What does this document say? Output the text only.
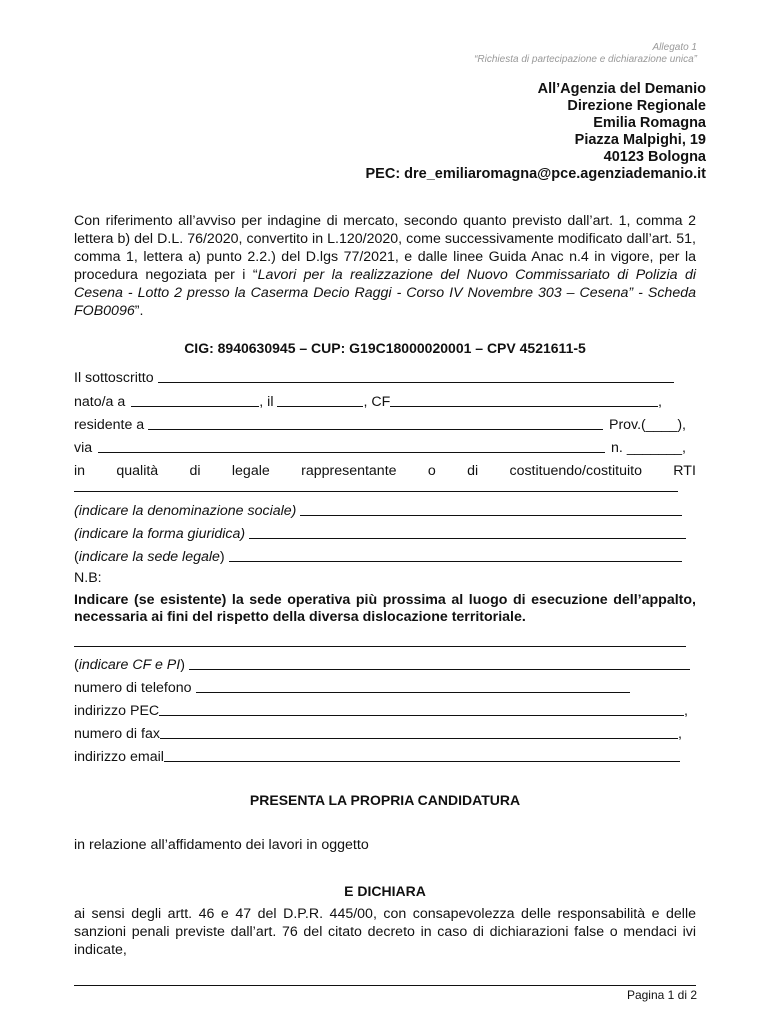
Allegato 1
“Richiesta di partecipazione e dichiarazione unica”
All’Agenzia del Demanio
Direzione Regionale
Emilia Romagna
Piazza Malpighi, 19
40123 Bologna
PEC: dre_emiliaromagna@pce.agenziademanio.it
Con riferimento all’avviso per indagine di mercato, secondo quanto previsto dall’art. 1, comma 2 lettera b) del D.L. 76/2020, convertito in L.120/2020, come successivamente modificato dall’art. 51, comma 1, lettera a) punto 2.2.) del D.lgs 77/2021, e dalle linee Guida Anac n.4 in vigore, per la procedura negoziata per i “Lavori per la realizzazione del Nuovo Commissariato di Polizia di Cesena - Lotto 2 presso la Caserma Decio Raggi - Corso IV Novembre 303 – Cesena” - Scheda FOB0096”.
CIG: 8940630945 – CUP: G19C18000020001 – CPV 4521611-5
Il sottoscritto
nato/a a	, il	, CF	,
residente a	Prov.(____),
via	n. _______,
in qualità di legale rappresentante o di costituendo/costituito RTI
(indicare la denominazione sociale)
(indicare la forma giuridica)
( indicare la sede legale )
N.B:
Indicare (se esistente) la sede operativa più prossima al luogo di esecuzione dell’appalto, necessaria ai fini del rispetto della diversa dislocazione territoriale.
( indicare CF e PI )
numero di telefono
indirizzo PEC	,
numero di fax	,
indirizzo email
PRESENTA LA PROPRIA CANDIDATURA
in relazione all’affidamento dei lavori in oggetto
E DICHIARA
ai sensi degli artt. 46 e 47 del D.P.R. 445/00, con consapevolezza delle responsabilità e delle sanzioni penali previste dall’art. 76 del citato decreto in caso di dichiarazioni false o mendaci ivi indicate,
Pagina 1 di 2
